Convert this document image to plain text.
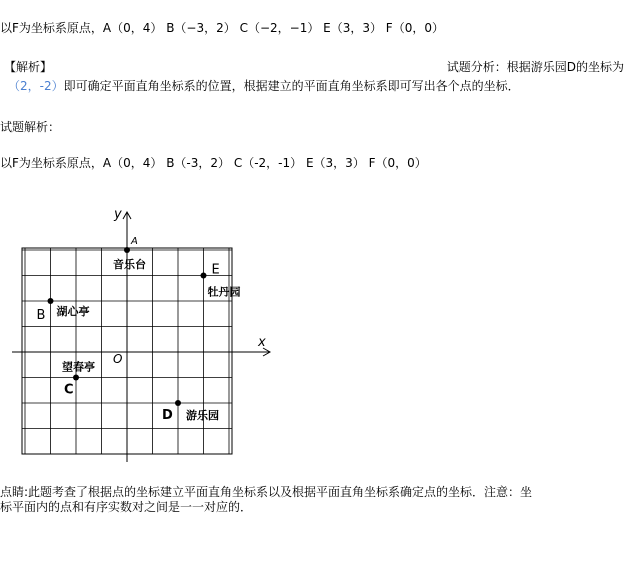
以F为坐标系原点，A（0，4） B（−3，2） C（−2，−1） E（3，3） F（0，0）
【解析】	试题分析：根据游乐园D的坐标为
（2，-2）即可确定平面直角坐标系的位置，根据建立的平面直角坐标系即可写出各个点的坐标．
试题解析：
以F为坐标系原点，A（0，4） B（-3，2） C（-2，-1） E（3，3） F（0，0）
y
x
O
A
音乐台	E
牡丹园
B 湖心亭
C
望春亭
D 游乐园
点睛:此题考查了根据点的坐标建立平面直角坐标系以及根据平面直角坐标系确定点的坐标．注意：坐
标平面内的点和有序实数对之间是一一对应的．
